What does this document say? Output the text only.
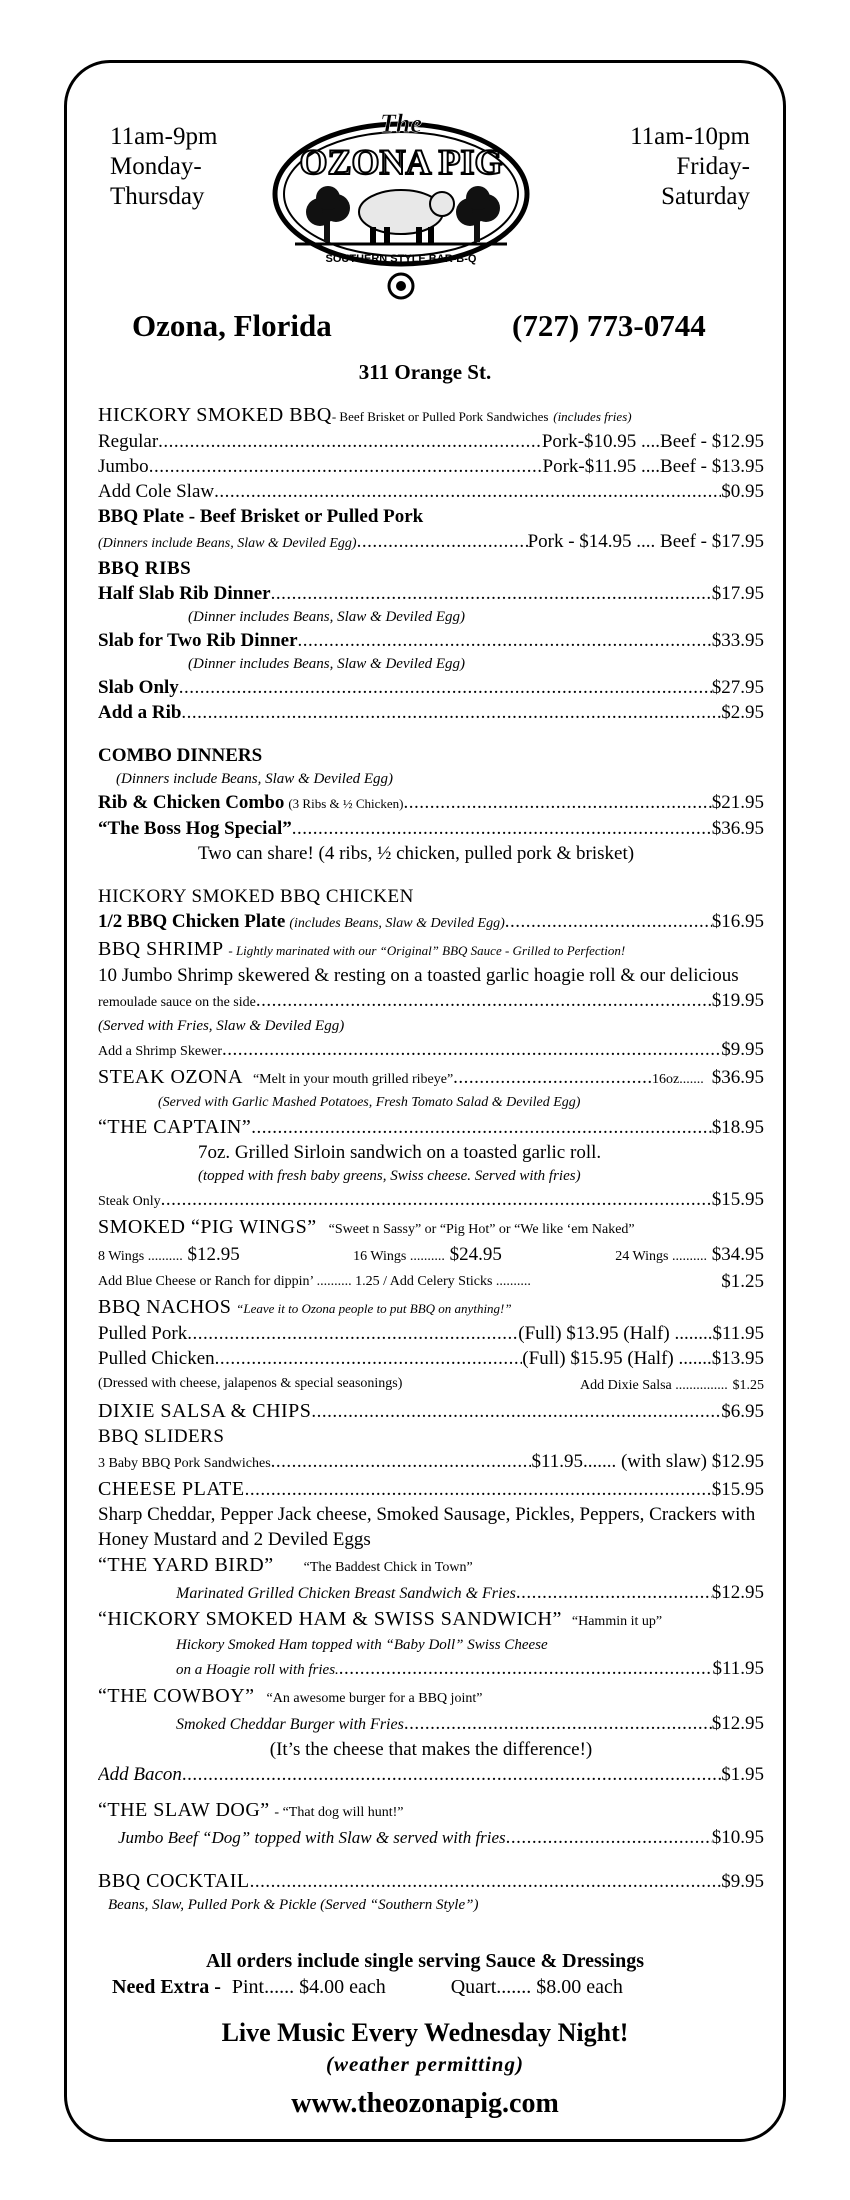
11am-9pm
Monday-
Thursday
11am-10pm
Friday-
Saturday
The
OZONA PIG
SOUTHERN STYLE BAR-B-Q
Ozona, Florida	(727) 773-0744
311 Orange St.
HICKORY SMOKED BBQ- Beef Brisket or Pulled Pork Sandwiches (includes fries)
Regular .....	Pork-$10.95 ....Beef - $12.95
Jumbo .....	Pork-$11.95 ....Beef - $13.95
Add Cole Slaw .....	$0.95
BBQ Plate - Beef Brisket or Pulled Pork
(Dinners include Beans, Slaw & Deviled Egg) .....	Pork - $14.95 .... Beef - $17.95
BBQ RIBS
Half Slab Rib Dinner .....	$17.95
(Dinner includes Beans, Slaw & Deviled Egg)
Slab for Two Rib Dinner .....	$33.95
(Dinner includes Beans, Slaw & Deviled Egg)
Slab Only .....	$27.95
Add a Rib .....	$2.95
COMBO DINNERS
(Dinners include Beans, Slaw & Deviled Egg)
Rib & Chicken Combo (3 Ribs & ½ Chicken) .....	$21.95
“The Boss Hog Special” .....	$36.95
Two can share! (4 ribs, ½ chicken, pulled pork & brisket)
HICKORY SMOKED BBQ CHICKEN
1/2 BBQ Chicken Plate (includes Beans, Slaw & Deviled Egg) .....	$16.95
BBQ SHRIMP - Lightly marinated with our “Original” BBQ Sauce - Grilled to Perfection!
10 Jumbo Shrimp skewered & resting on a toasted garlic hoagie roll & our delicious
remoulade sauce on the side .....	$19.95
(Served with Fries, Slaw & Deviled Egg)
Add a Shrimp Skewer .....	$9.95
STEAK OZONA “Melt in your mouth grilled ribeye” .....	16oz....... $36.95
(Served with Garlic Mashed Potatoes, Fresh Tomato Salad & Deviled Egg)
“THE CAPTAIN” .....	$18.95
7oz. Grilled Sirloin sandwich on a toasted garlic roll.
(topped with fresh baby greens, Swiss cheese. Served with fries)
Steak Only .....	$15.95
SMOKED “PIG WINGS” “Sweet n Sassy” or “Pig Hot” or “We like ‘em Naked”
8 Wings .......... $12.95	16 Wings .......... $24.95	24 Wings .......... $34.95
Add Blue Cheese or Ranch for dippin’ .......... 1.25 / Add Celery Sticks ..........	$1.25
BBQ NACHOS “Leave it to Ozona people to put BBQ on anything!”
Pulled Pork .....	(Full) $13.95 (Half) ........ $11.95
Pulled Chicken .....	(Full) $15.95 (Half) ....... $13.95
(Dressed with cheese, jalapenos & special seasonings)	Add Dixie Salsa ............... $1.25
DIXIE SALSA & CHIPS .....	$6.95
BBQ SLIDERS
3 Baby BBQ Pork Sandwiches .....	$11.95....... (with slaw) $12.95
CHEESE PLATE .....	$15.95
Sharp Cheddar, Pepper Jack cheese, Smoked Sausage, Pickles, Peppers, Crackers with
Honey Mustard and 2 Deviled Eggs
“THE YARD BIRD” “The Baddest Chick in Town”
Marinated Grilled Chicken Breast Sandwich & Fries .....	$12.95
“HICKORY SMOKED HAM & SWISS SANDWICH” “Hammin it up”
Hickory Smoked Ham topped with “Baby Doll” Swiss Cheese
on a Hoagie roll with fries. .....	$11.95
“THE COWBOY” “An awesome burger for a BBQ joint”
Smoked Cheddar Burger with Fries .....	$12.95
(It’s the cheese that makes the difference!)
Add Bacon .....	$1.95
“THE SLAW DOG” - “That dog will hunt!”
Jumbo Beef “Dog” topped with Slaw & served with fries .....	$10.95
BBQ COCKTAIL .....	$9.95
Beans, Slaw, Pulled Pork & Pickle (Served “Southern Style”)
All orders include single serving Sauce & Dressings
Need Extra - Pint...... $4.00 each	Quart....... $8.00 each
Live Music Every Wednesday Night!
(weather permitting)
www.theozonapig.com
